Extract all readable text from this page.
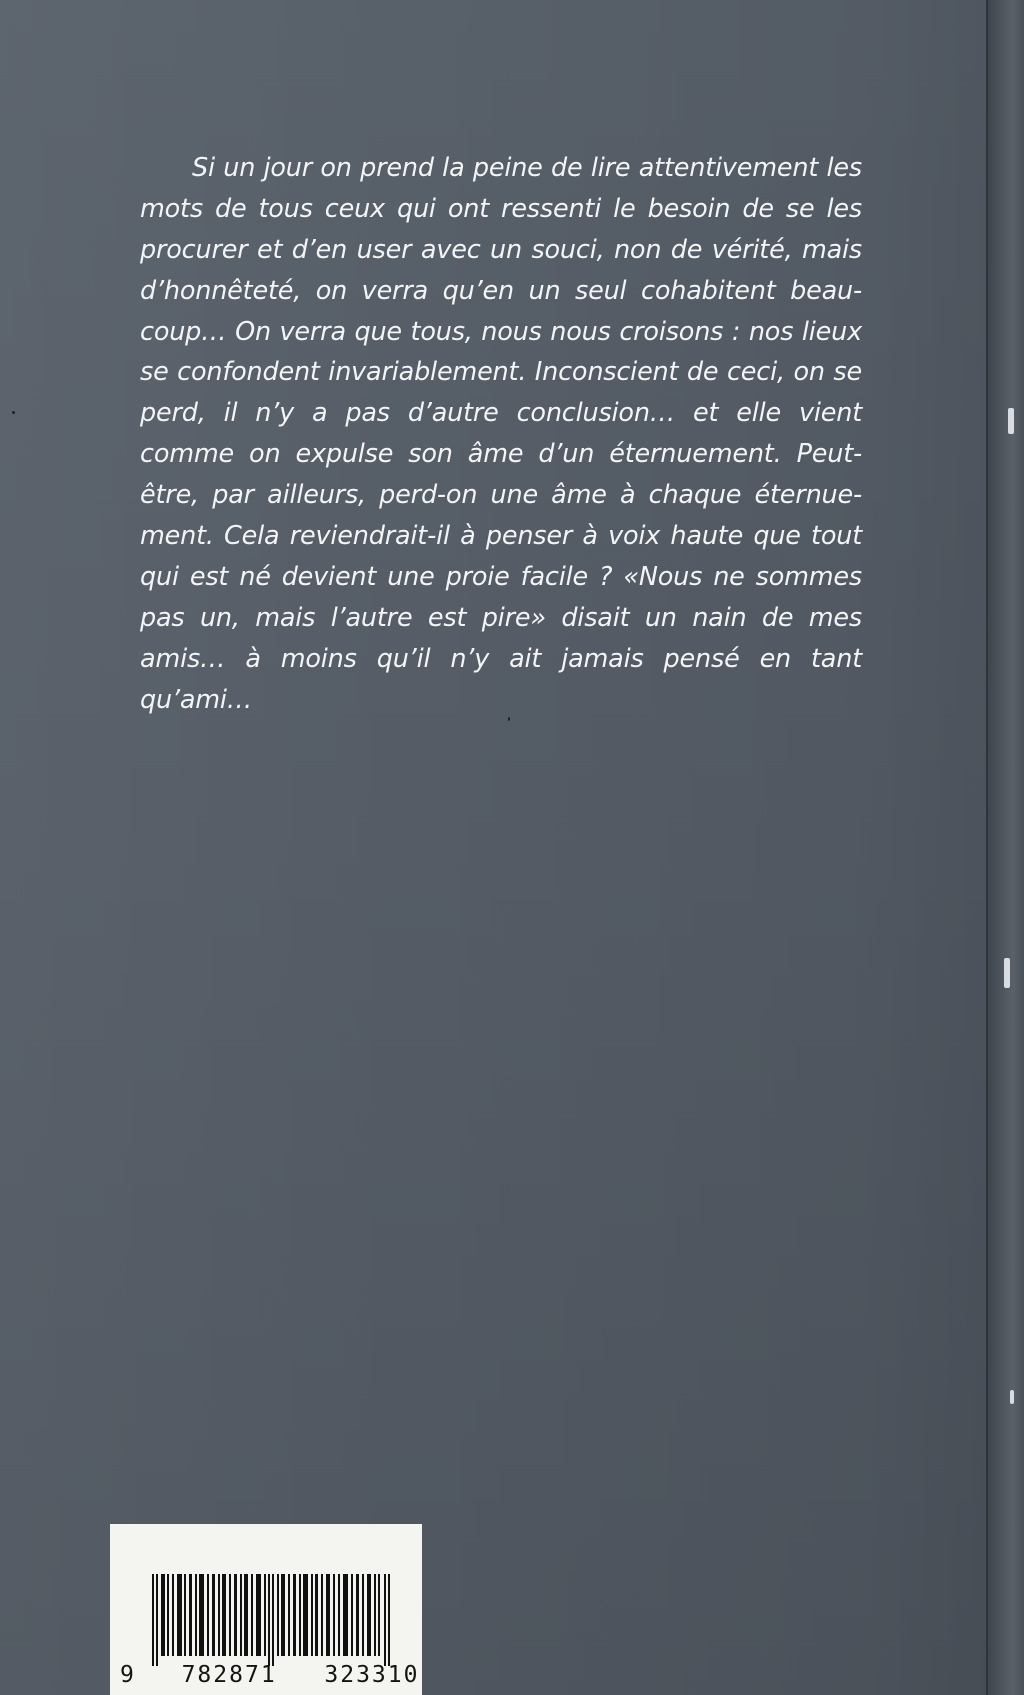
Si un jour on prend la peine de lire attentivement les
mots de tous ceux qui ont ressenti le besoin de se les
procurer et d’en user avec un souci, non de vérité, mais
d’honnêteté, on verra qu’en un seul cohabitent beau-
coup… On verra que tous, nous nous croisons : nos lieux
se confondent invariablement. Inconscient de ceci, on se
perd, il n’y a pas d’autre conclusion… et elle vient
comme on expulse son âme d’un éternuement. Peut-
être, par ailleurs, perd-on une âme à chaque éternue-
ment. Cela reviendrait-il à penser à voix haute que tout
qui est né devient une proie facile ? «Nous ne sommes
pas un, mais l’autre est pire» disait un nain de mes
amis… à moins qu’il n’y ait jamais pensé en tant
qu’ami…
9 782871 323310
